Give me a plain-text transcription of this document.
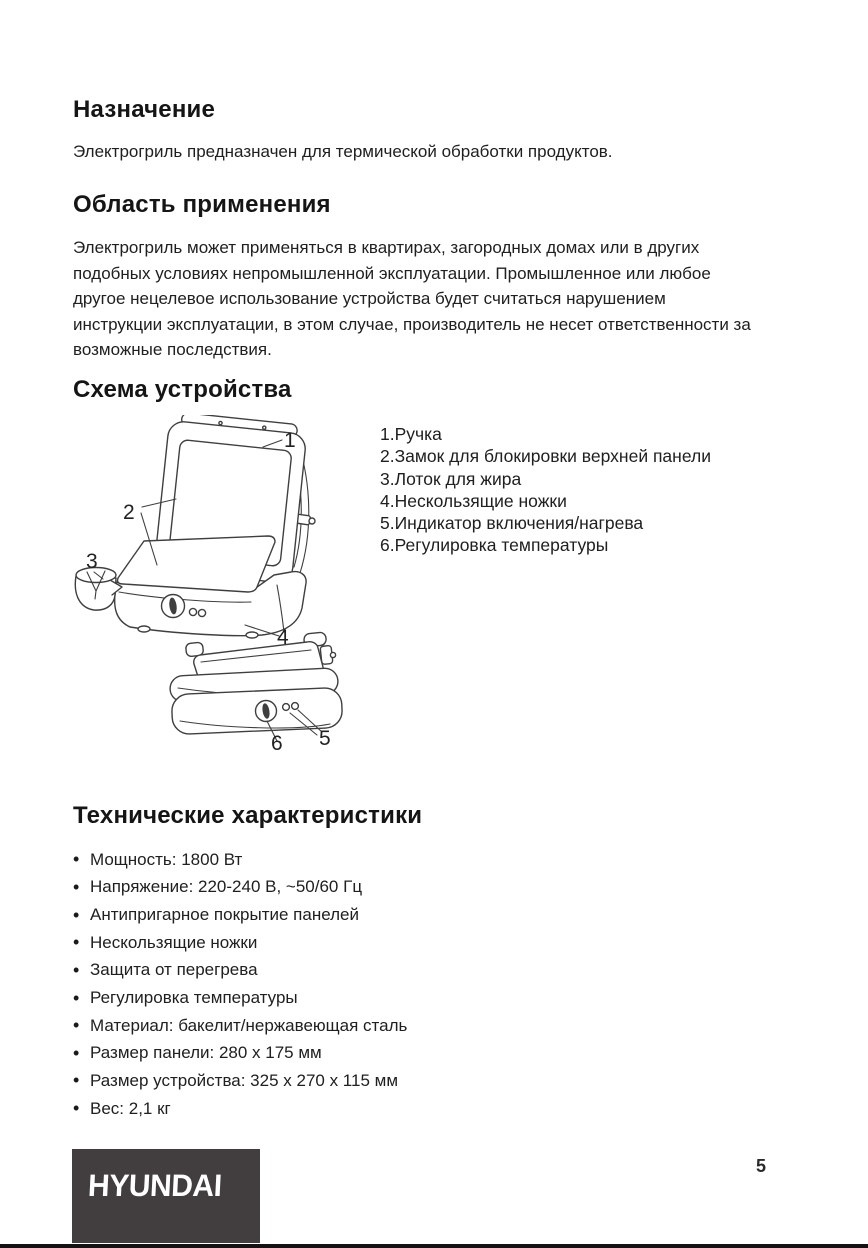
Назначение

Электрогриль предназначен для термической обработки продуктов.

Область применения

Электрогриль может применяться в квартирах, загородных домах или в других подобных условиях непромышленной эксплуатации. Промышленное или любое другое нецелевое использование устройства будет считаться нарушением инструкции эксплуатации, в этом случае, производитель не несет ответственности за возможные последствия.

Схема устройства
1
2
3
4
5
6
1.Ручка
2.Замок для блокировки верхней панели
3.Лоток для жира
4.Нескользящие ножки
5.Индикатор включения/нагрева
6.Регулировка температуры
Технические характеристики
• Мощность: 1800 Вт
• Напряжение: 220-240 В, ~50/60 Гц
• Антипригарное покрытие панелей
• Нескользящие ножки
• Защита от перегрева
• Регулировка температуры
• Материал: бакелит/нержавеющая сталь
• Размер панели: 280 х 175 мм
• Размер устройства: 325 х 270 х 115 мм
• Вес: 2,1 кг
HYUNDAI
5
